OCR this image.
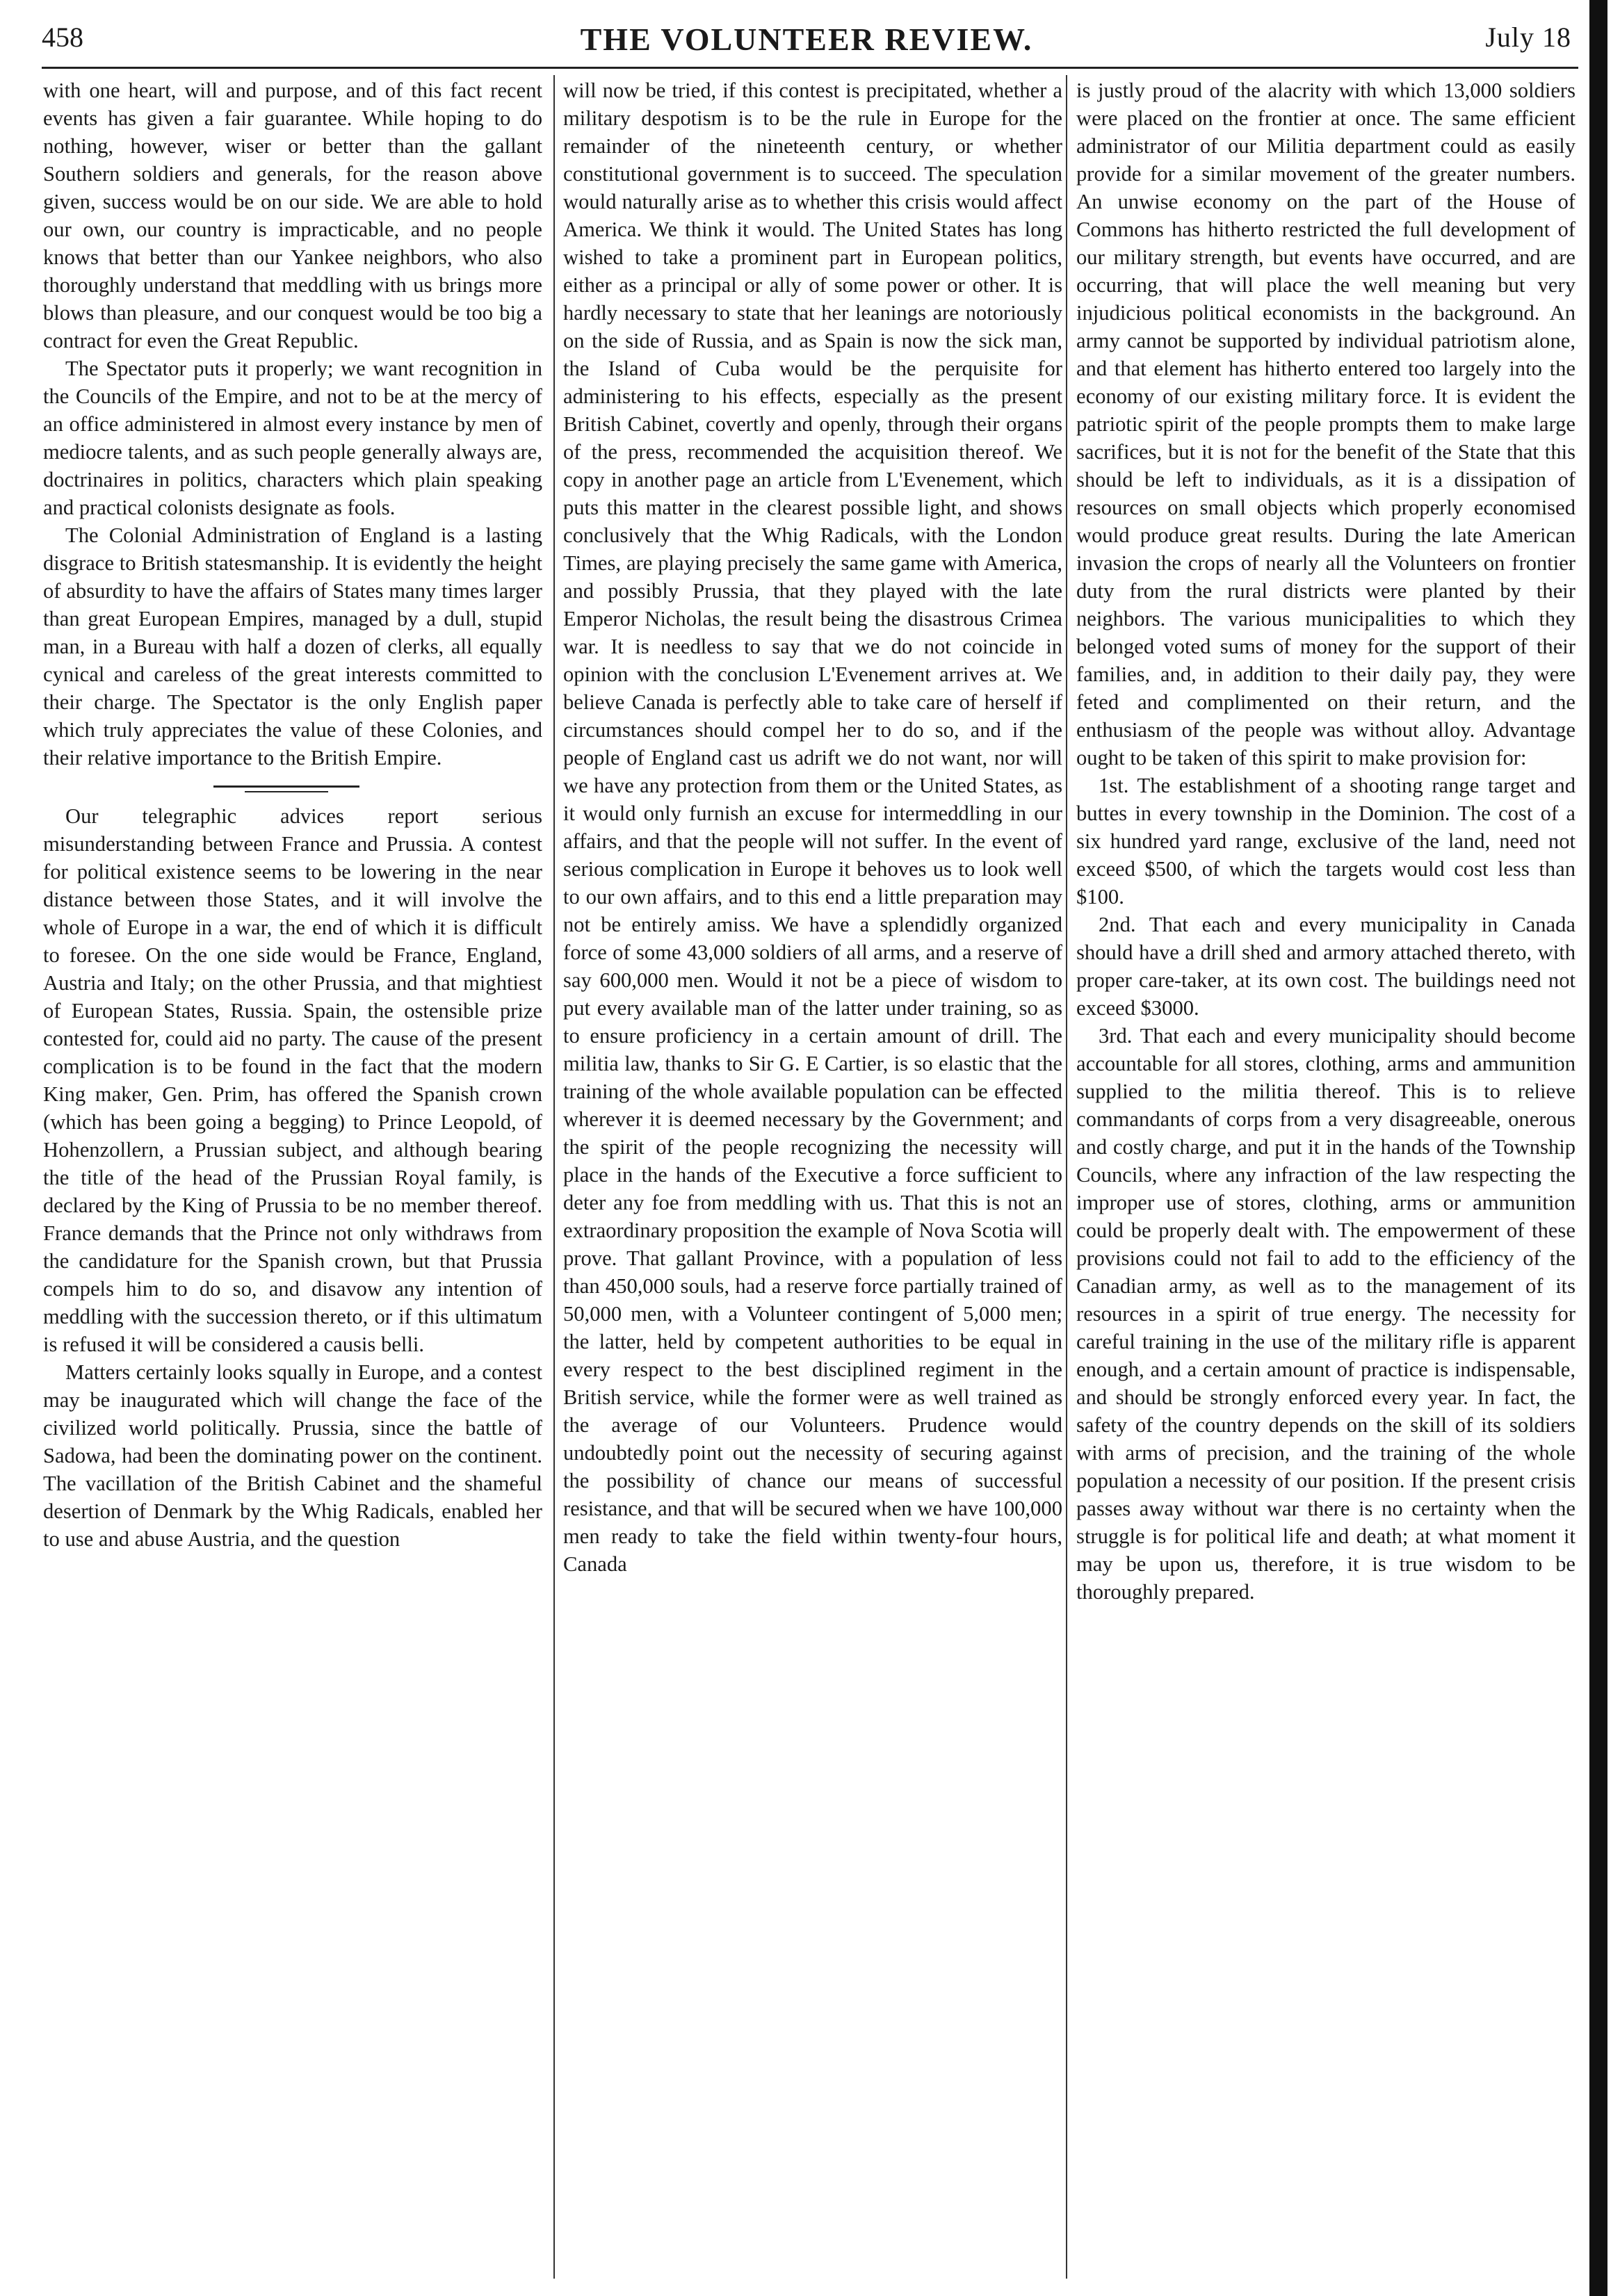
458	THE VOLUNTEER REVIEW.	July 18

with one heart, will and purpose, and of this fact recent events has given a fair guarantee. While hoping to do nothing, however, wiser or better than the gallant Southern soldiers and generals, for the reason above given, success would be on our side. We are able to hold our own, our country is impracticable, and no people knows that better than our Yankee neighbors, who also thoroughly understand that meddling with us brings more blows than pleasure, and our conquest would be too big a contract for even the Great Republic.

The Spectator puts it properly; we want recognition in the Councils of the Empire, and not to be at the mercy of an office administered in almost every instance by men of mediocre talents, and as such people generally always are, doctrinaires in politics, characters which plain speaking and practical colonists designate as fools.

The Colonial Administration of England is a lasting disgrace to British statesmanship. It is evidently the height of absurdity to have the affairs of States many times larger than great European Empires, managed by a dull, stupid man, in a Bureau with half a dozen of clerks, all equally cynical and careless of the great interests committed to their charge. The Spectator is the only English paper which truly appreciates the value of these Colonies, and their relative importance to the British Empire.

Our telegraphic advices report serious misunderstanding between France and Prussia. A contest for political existence seems to be lowering in the near distance between those States, and it will involve the whole of Europe in a war, the end of which it is difficult to foresee. On the one side would be France, England, Austria and Italy; on the other Prussia, and that mightiest of European States, Russia. Spain, the ostensible prize contested for, could aid no party. The cause of the present complication is to be found in the fact that the modern King maker, Gen. Prim, has offered the Spanish crown (which has been going a begging) to Prince Leopold, of Hohenzollern, a Prussian subject, and although bearing the title of the head of the Prussian Royal family, is declared by the King of Prussia to be no member thereof. France demands that the Prince not only withdraws from the candidature for the Spanish crown, but that Prussia compels him to do so, and disavow any intention of meddling with the succession thereto, or if this ultimatum is refused it will be considered a causis belli.

Matters certainly looks squally in Europe, and a contest may be inaugurated which will change the face of the civilized world politically. Prussia, since the battle of Sadowa, had been the dominating power on the continent. The vacillation of the British Cabinet and the shameful desertion of Denmark by the Whig Radicals, enabled her to use and abuse Austria, and the question

will now be tried, if this contest is precipitated, whether a military despotism is to be the rule in Europe for the remainder of the nineteenth century, or whether constitutional government is to succeed. The speculation would naturally arise as to whether this crisis would affect America. We think it would. The United States has long wished to take a prominent part in European politics, either as a principal or ally of some power or other. It is hardly necessary to state that her leanings are notoriously on the side of Russia, and as Spain is now the sick man, the Island of Cuba would be the perquisite for administering to his effects, especially as the present British Cabinet, covertly and openly, through their organs of the press, recommended the acquisition thereof. We copy in another page an article from L'Evenement, which puts this matter in the clearest possible light, and shows conclusively that the Whig Radicals, with the London Times, are playing precisely the same game with America, and possibly Prussia, that they played with the late Emperor Nicholas, the result being the disastrous Crimea war. It is needless to say that we do not coincide in opinion with the conclusion L'Evenement arrives at. We believe Canada is perfectly able to take care of herself if circumstances should compel her to do so, and if the people of England cast us adrift we do not want, nor will we have any protection from them or the United States, as it would only furnish an excuse for intermeddling in our affairs, and that the people will not suffer. In the event of serious complication in Europe it behoves us to look well to our own affairs, and to this end a little preparation may not be entirely amiss. We have a splendidly organized force of some 43,000 soldiers of all arms, and a reserve of say 600,000 men. Would it not be a piece of wisdom to put every available man of the latter under training, so as to ensure proficiency in a certain amount of drill. The militia law, thanks to Sir G. E Cartier, is so elastic that the training of the whole available population can be effected wherever it is deemed necessary by the Government; and the spirit of the people recognizing the necessity will place in the hands of the Executive a force sufficient to deter any foe from meddling with us. That this is not an extraordinary proposition the example of Nova Scotia will prove. That gallant Province, with a population of less than 450,000 souls, had a reserve force partially trained of 50,000 men, with a Volunteer contingent of 5,000 men; the latter, held by competent authorities to be equal in every respect to the best disciplined regiment in the British service, while the former were as well trained as the average of our Volunteers. Prudence would undoubtedly point out the necessity of securing against the possibility of chance our means of successful resistance, and that will be secured when we have 100,000 men ready to take the field within twenty-four hours, Canada

is justly proud of the alacrity with which 13,000 soldiers were placed on the frontier at once. The same efficient administrator of our Militia department could as easily provide for a similar movement of the greater numbers. An unwise economy on the part of the House of Commons has hitherto restricted the full development of our military strength, but events have occurred, and are occurring, that will place the well meaning but very injudicious political economists in the background. An army cannot be supported by individual patriotism alone, and that element has hitherto entered too largely into the economy of our existing military force. It is evident the patriotic spirit of the people prompts them to make large sacrifices, but it is not for the benefit of the State that this should be left to individuals, as it is a dissipation of resources on small objects which properly economised would produce great results. During the late American invasion the crops of nearly all the Volunteers on frontier duty from the rural districts were planted by their neighbors. The various municipalities to which they belonged voted sums of money for the support of their families, and, in addition to their daily pay, they were feted and complimented on their return, and the enthusiasm of the people was without alloy. Advantage ought to be taken of this spirit to make provision for:

1st. The establishment of a shooting range target and buttes in every township in the Dominion. The cost of a six hundred yard range, exclusive of the land, need not exceed $500, of which the targets would cost less than $100.

2nd. That each and every municipality in Canada should have a drill shed and armory attached thereto, with proper care-taker, at its own cost. The buildings need not exceed $3000.

3rd. That each and every municipality should become accountable for all stores, clothing, arms and ammunition supplied to the militia thereof. This is to relieve commandants of corps from a very disagreeable, onerous and costly charge, and put it in the hands of the Township Councils, where any infraction of the law respecting the improper use of stores, clothing, arms or ammunition could be properly dealt with. The empowerment of these provisions could not fail to add to the efficiency of the Canadian army, as well as to the management of its resources in a spirit of true energy. The necessity for careful training in the use of the military rifle is apparent enough, and a certain amount of practice is indispensable, and should be strongly enforced every year. In fact, the safety of the country depends on the skill of its soldiers with arms of precision, and the training of the whole population a necessity of our position. If the present crisis passes away without war there is no certainty when the struggle is for political life and death; at what moment it may be upon us, therefore, it is true wisdom to be thoroughly prepared.
